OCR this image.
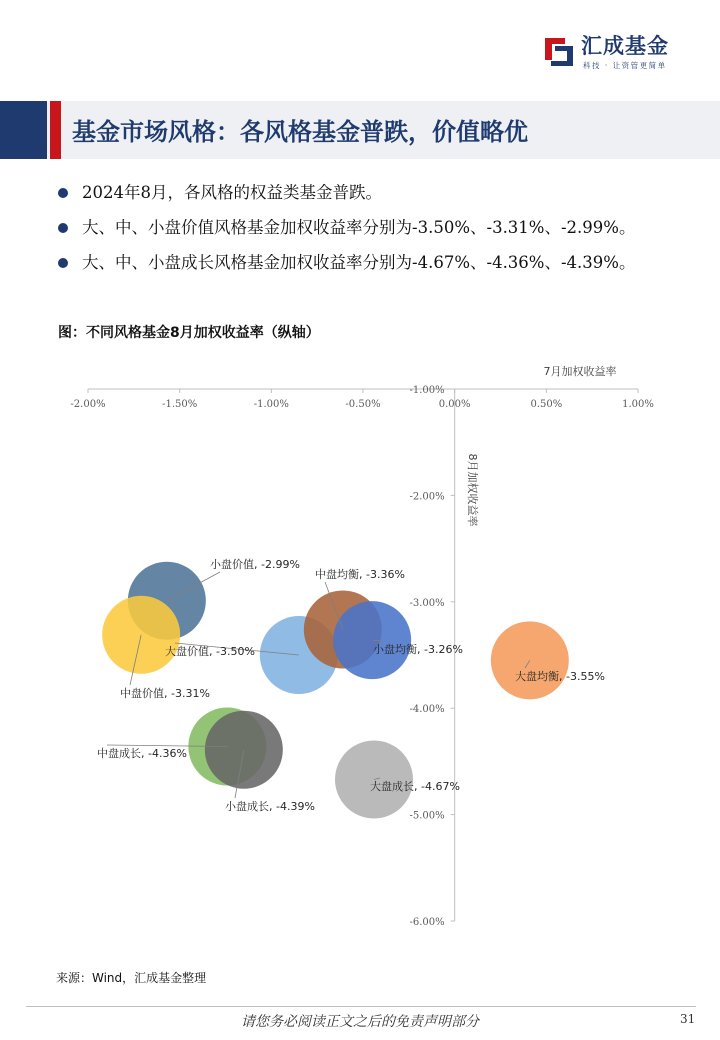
汇成基金
科技 · 让资管更简单
基金市场风格：各风格基金普跌，价值略优
2024年8月，各风格的权益类基金普跌。
大、中、小盘价值风格基金加权收益率分别为-3.50%、-3.31%、-2.99%。
大、中、小盘成长风格基金加权收益率分别为-4.67%、-4.36%、-4.39%。
图：不同风格基金8月加权收益率（纵轴）
-2.00%	-1.50%	-1.00%	-0.50%	0.00%	0.50%	1.00%
-1.00%
-2.00%
-3.00%
-4.00%
-5.00%
-6.00%
7月加权收益率
8月加权收益率
小盘价值, -2.99%
中盘价值, -3.31%
大盘价值, -3.50%
中盘均衡, -3.36%
小盘均衡, -3.26%
大盘均衡, -3.55%
中盘成长, -4.36%
小盘成长, -4.39%
大盘成长, -4.67%
来源：Wind，汇成基金整理
请您务必阅读正文之后的免责声明部分	31
